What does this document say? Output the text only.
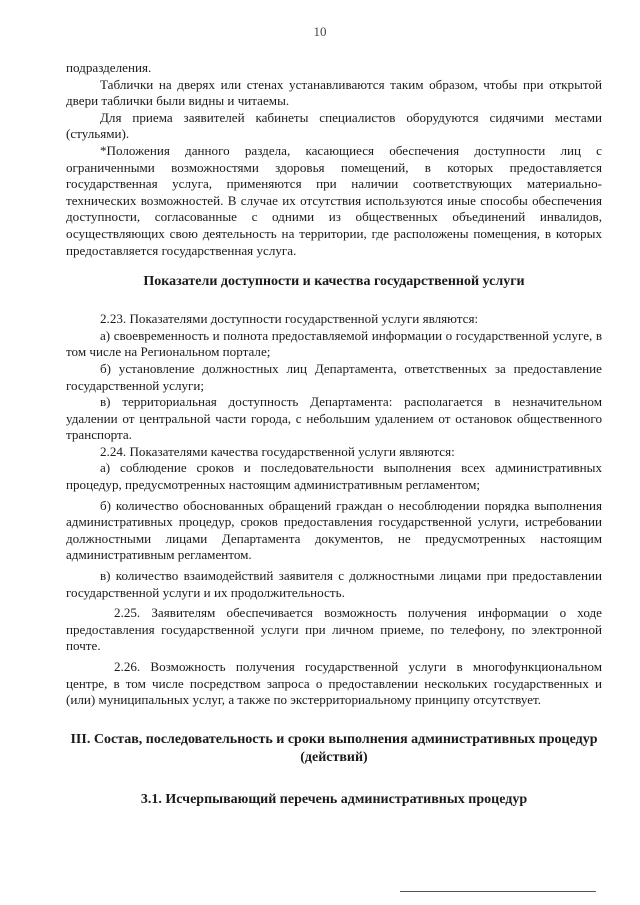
10

подразделения.

Таблички на дверях или стенах устанавливаются таким образом, чтобы при открытой двери таблички были видны и читаемы.

Для приема заявителей кабинеты специалистов оборудуются сидячими местами (стульями).

*Положения данного раздела, касающиеся обеспечения доступности лиц с ограниченными возможностями здоровья помещений, в которых предоставляется государственная услуга, применяются при наличии соответствующих материально-технических возможностей. В случае их отсутствия используются иные способы обеспечения доступности, согласованные с одними из общественных объединений инвалидов, осуществляющих свою деятельность на территории, где расположены помещения, в которых предоставляется государственная услуга.

Показатели доступности и качества государственной услуги

2.23. Показателями доступности государственной услуги являются:

а) своевременность и полнота предоставляемой информации о государственной услуге, в том числе на Региональном портале;

б) установление должностных лиц Департамента, ответственных за предоставление государственной услуги;

в) территориальная доступность Департамента: располагается в незначительном удалении от центральной части города, с небольшим удалением от остановок общественного транспорта.

2.24. Показателями качества государственной услуги являются:

а) соблюдение сроков и последовательности выполнения всех административных процедур, предусмотренных настоящим административным регламентом;

б) количество обоснованных обращений граждан о несоблюдении порядка выполнения административных процедур, сроков предоставления государственной услуги, истребовании должностными лицами Департамента документов, не предусмотренных настоящим административным регламентом.

в) количество взаимодействий заявителя с должностными лицами при предоставлении государственной услуги и их продолжительность.

2.25. Заявителям обеспечивается возможность получения информации о ходе предоставления государственной услуги при личном приеме, по телефону, по электронной почте.

2.26. Возможность получения государственной услуги в многофункциональном центре, в том числе посредством запроса о предоставлении нескольких государственных и (или) муниципальных услуг, а также по экстерриториальному принципу отсутствует.

III. Состав, последовательность и сроки выполнения административных процедур (действий)

3.1. Исчерпывающий перечень административных процедур
